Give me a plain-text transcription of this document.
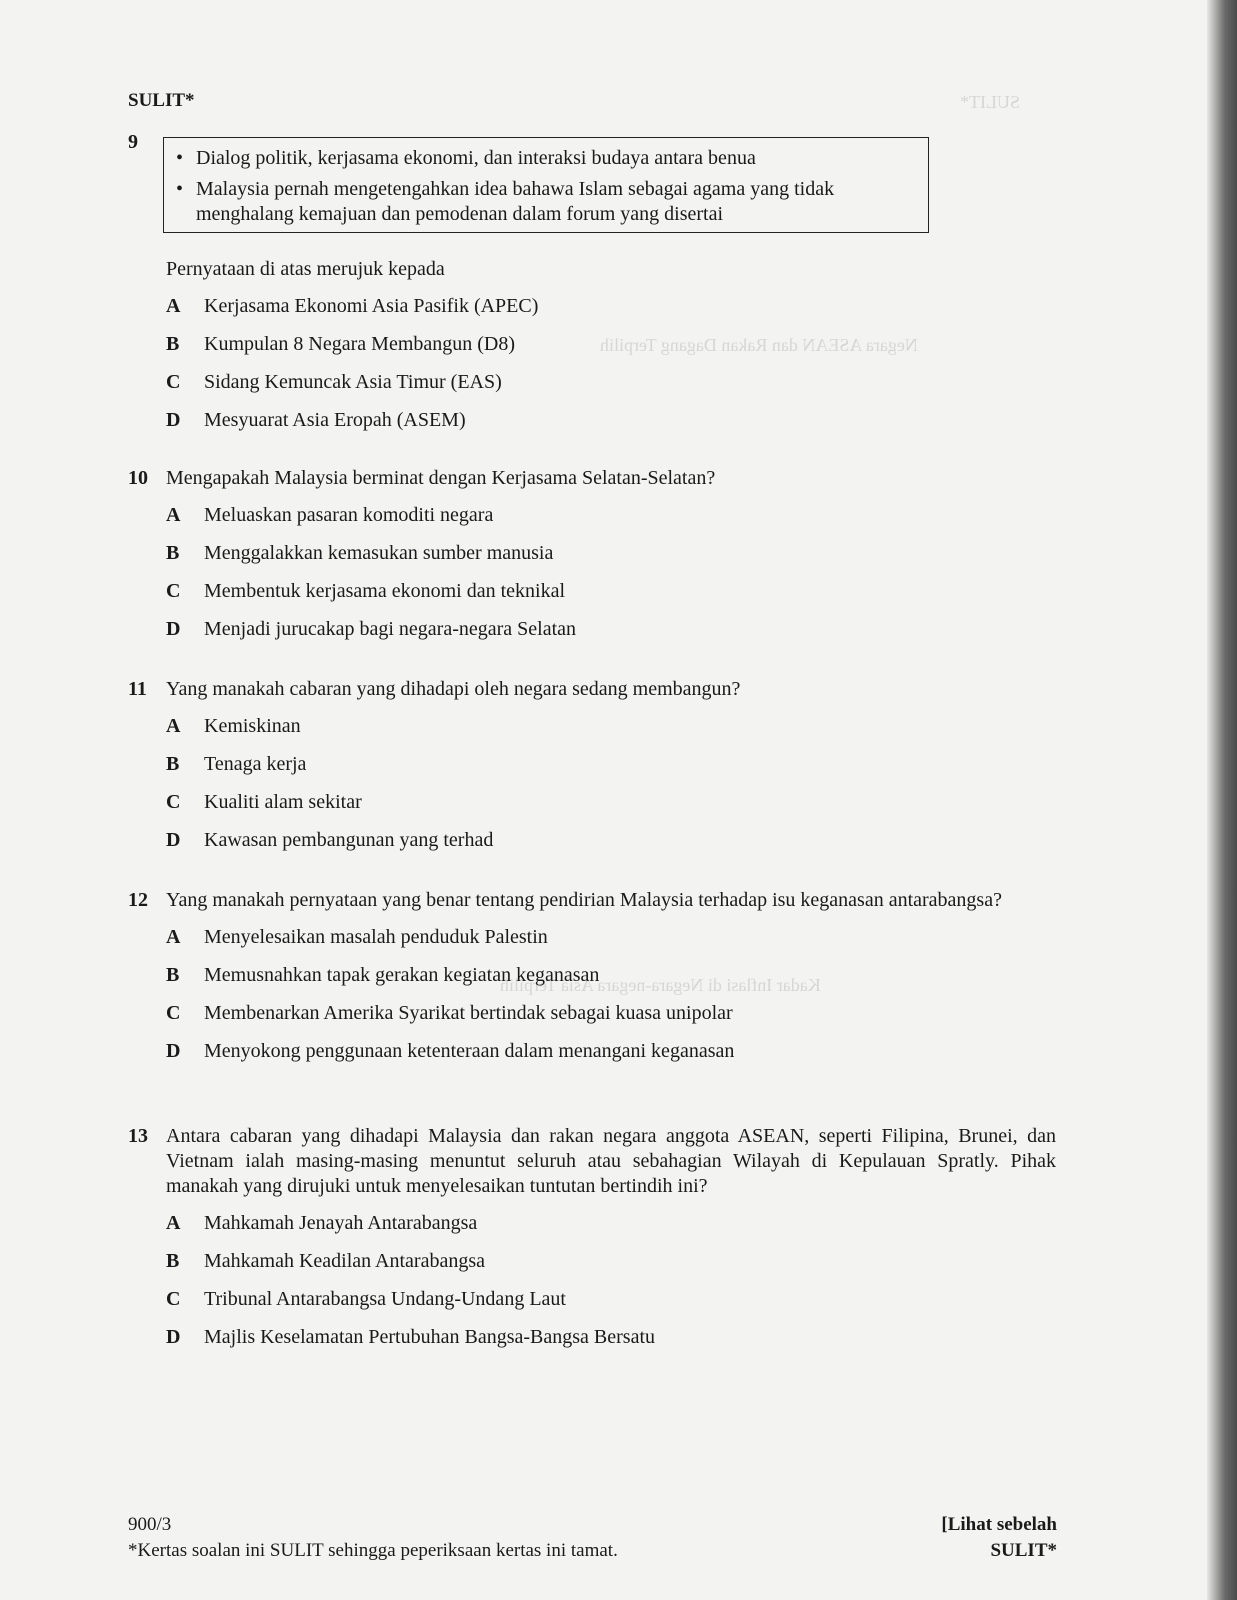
SULIT*
Negara ASEAN dan Rakan Dagang Terpilih
Kadar Inflasi di Negara-negara Asia Terpilih
SULIT*
9
• Dialog politik, kerjasama ekonomi, dan interaksi budaya antara benua
• Malaysia pernah mengetengahkan idea bahawa Islam sebagai agama yang tidak menghalang kemajuan dan pemodenan dalam forum yang disertai
Pernyataan di atas merujuk kepada
A Kerjasama Ekonomi Asia Pasifik (APEC)
B Kumpulan 8 Negara Membangun (D8)
C Sidang Kemuncak Asia Timur (EAS)
D Mesyuarat Asia Eropah (ASEM)
10 Mengapakah Malaysia berminat dengan Kerjasama Selatan-Selatan?
A Meluaskan pasaran komoditi negara
B Menggalakkan kemasukan sumber manusia
C Membentuk kerjasama ekonomi dan teknikal
D Menjadi jurucakap bagi negara-negara Selatan
11 Yang manakah cabaran yang dihadapi oleh negara sedang membangun?
A Kemiskinan
B Tenaga kerja
C Kualiti alam sekitar
D Kawasan pembangunan yang terhad
12 Yang manakah pernyataan yang benar tentang pendirian Malaysia terhadap isu keganasan antarabangsa?
A Menyelesaikan masalah penduduk Palestin
B Memusnahkan tapak gerakan kegiatan keganasan
C Membenarkan Amerika Syarikat bertindak sebagai kuasa unipolar
D Menyokong penggunaan ketenteraan dalam menangani keganasan
13 Antara cabaran yang dihadapi Malaysia dan rakan negara anggota ASEAN, seperti Filipina, Brunei, dan Vietnam ialah masing-masing menuntut seluruh atau sebahagian Wilayah di Kepulauan Spratly. Pihak manakah yang dirujuki untuk menyelesaikan tuntutan bertindih ini?
A Mahkamah Jenayah Antarabangsa
B Mahkamah Keadilan Antarabangsa
C Tribunal Antarabangsa Undang-Undang Laut
D Majlis Keselamatan Pertubuhan Bangsa-Bangsa Bersatu
900/3
*Kertas soalan ini SULIT sehingga peperiksaan kertas ini tamat.
[Lihat sebelah
SULIT*
